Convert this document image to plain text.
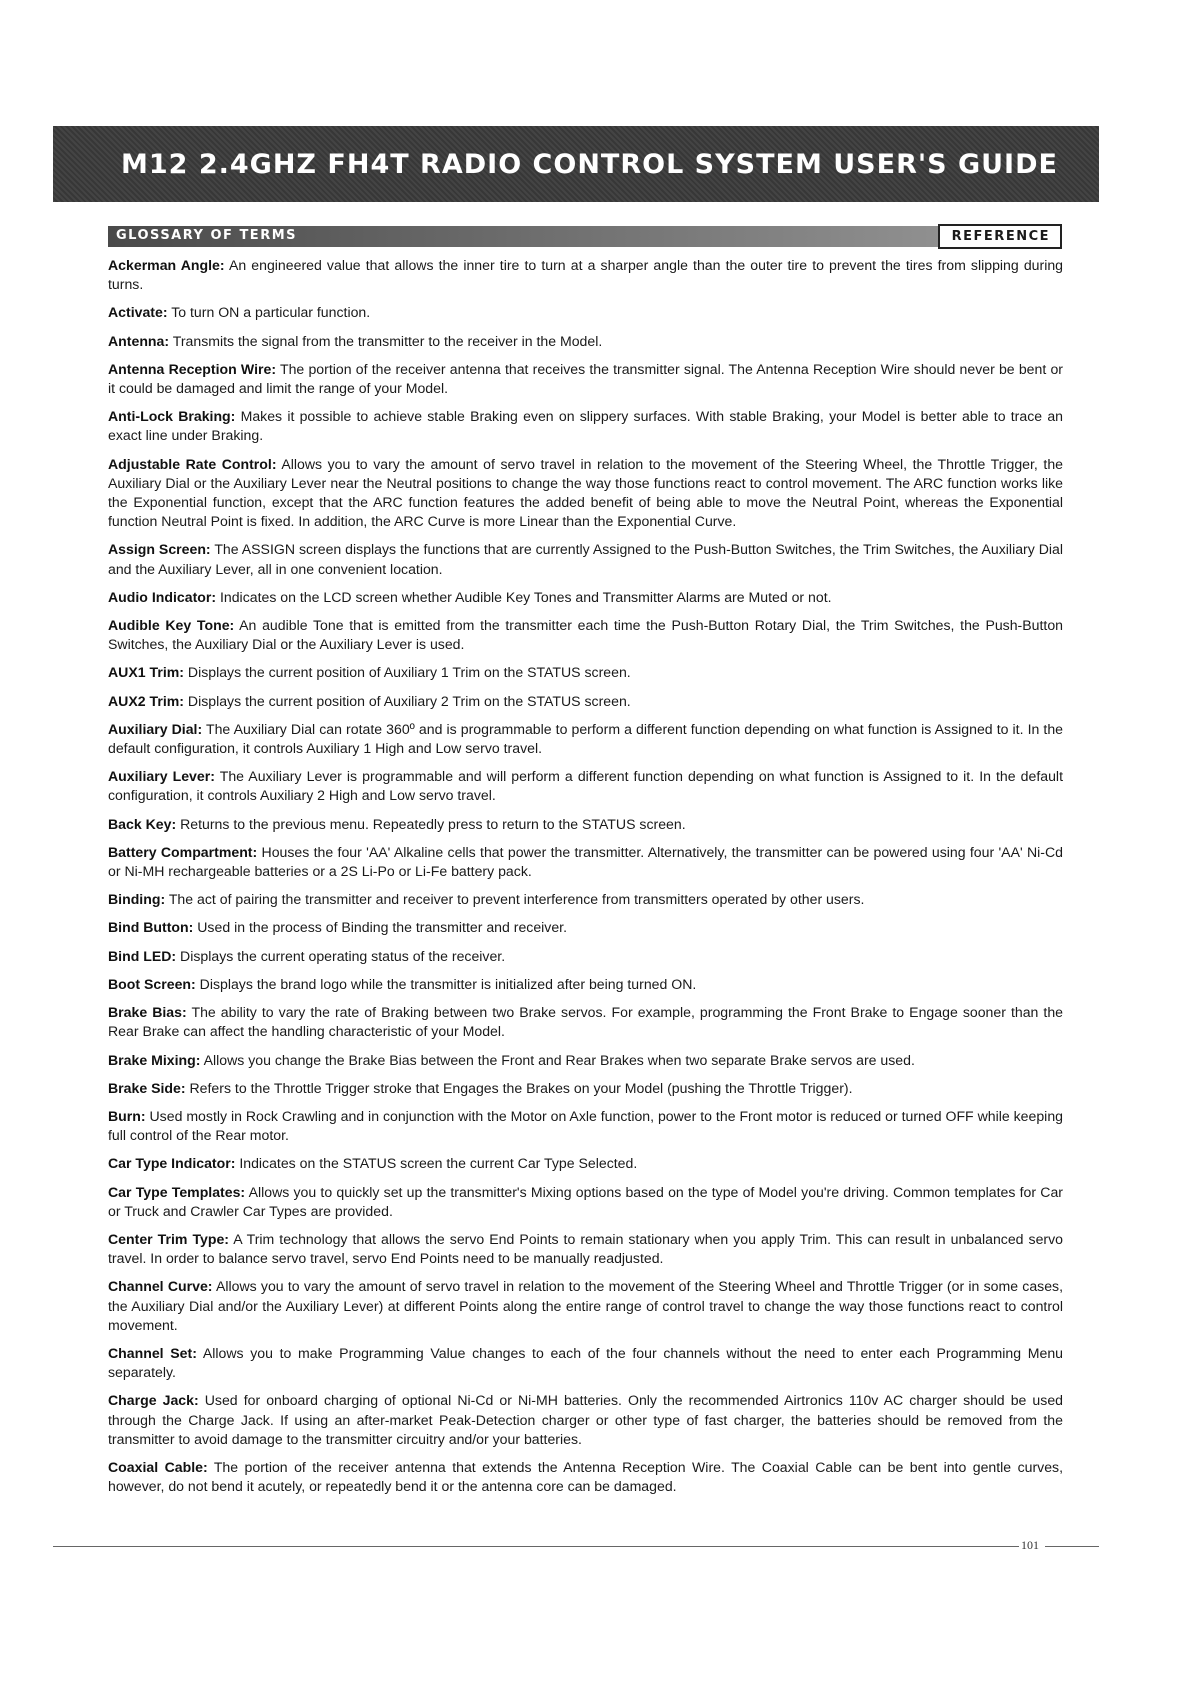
M12 2.4GHZ FH4T RADIO CONTROL SYSTEM USER'S GUIDE
GLOSSARY OF TERMS	REFERENCE

Ackerman Angle: An engineered value that allows the inner tire to turn at a sharper angle than the outer tire to prevent the tires from slipping during turns.

Activate: To turn ON a particular function.

Antenna: Transmits the signal from the transmitter to the receiver in the Model.

Antenna Reception Wire: The portion of the receiver antenna that receives the transmitter signal. The Antenna Reception Wire should never be bent or it could be damaged and limit the range of your Model.

Anti-Lock Braking: Makes it possible to achieve stable Braking even on slippery surfaces. With stable Braking, your Model is better able to trace an exact line under Braking.

Adjustable Rate Control: Allows you to vary the amount of servo travel in relation to the movement of the Steering Wheel, the Throttle Trigger, the Auxiliary Dial or the Auxiliary Lever near the Neutral positions to change the way those functions react to control movement. The ARC function works like the Exponential function, except that the ARC function features the added benefit of being able to move the Neutral Point, whereas the Exponential function Neutral Point is fixed. In addition, the ARC Curve is more Linear than the Exponential Curve.

Assign Screen: The ASSIGN screen displays the functions that are currently Assigned to the Push-Button Switches, the Trim Switches, the Auxiliary Dial and the Auxiliary Lever, all in one convenient location.

Audio Indicator: Indicates on the LCD screen whether Audible Key Tones and Transmitter Alarms are Muted or not.

Audible Key Tone: An audible Tone that is emitted from the transmitter each time the Push-Button Rotary Dial, the Trim Switches, the Push-Button Switches, the Auxiliary Dial or the Auxiliary Lever is used.

AUX1 Trim: Displays the current position of Auxiliary 1 Trim on the STATUS screen.

AUX2 Trim: Displays the current position of Auxiliary 2 Trim on the STATUS screen.

Auxiliary Dial: The Auxiliary Dial can rotate 360º and is programmable to perform a different function depending on what function is Assigned to it. In the default configuration, it controls Auxiliary 1 High and Low servo travel.

Auxiliary Lever: The Auxiliary Lever is programmable and will perform a different function depending on what function is Assigned to it. In the default configuration, it controls Auxiliary 2 High and Low servo travel.

Back Key: Returns to the previous menu. Repeatedly press to return to the STATUS screen.

Battery Compartment: Houses the four 'AA' Alkaline cells that power the transmitter. Alternatively, the transmitter can be powered using four 'AA' Ni-Cd or Ni-MH rechargeable batteries or a 2S Li-Po or Li-Fe battery pack.

Binding: The act of pairing the transmitter and receiver to prevent interference from transmitters operated by other users.

Bind Button: Used in the process of Binding the transmitter and receiver.

Bind LED: Displays the current operating status of the receiver.

Boot Screen: Displays the brand logo while the transmitter is initialized after being turned ON.

Brake Bias: The ability to vary the rate of Braking between two Brake servos. For example, programming the Front Brake to Engage sooner than the Rear Brake can affect the handling characteristic of your Model.

Brake Mixing: Allows you change the Brake Bias between the Front and Rear Brakes when two separate Brake servos are used.

Brake Side: Refers to the Throttle Trigger stroke that Engages the Brakes on your Model (pushing the Throttle Trigger).

Burn: Used mostly in Rock Crawling and in conjunction with the Motor on Axle function, power to the Front motor is reduced or turned OFF while keeping full control of the Rear motor.

Car Type Indicator: Indicates on the STATUS screen the current Car Type Selected.

Car Type Templates: Allows you to quickly set up the transmitter's Mixing options based on the type of Model you're driving. Common templates for Car or Truck and Crawler Car Types are provided.

Center Trim Type: A Trim technology that allows the servo End Points to remain stationary when you apply Trim. This can result in unbalanced servo travel. In order to balance servo travel, servo End Points need to be manually readjusted.

Channel Curve: Allows you to vary the amount of servo travel in relation to the movement of the Steering Wheel and Throttle Trigger (or in some cases, the Auxiliary Dial and/or the Auxiliary Lever) at different Points along the entire range of control travel to change the way those functions react to control movement.

Channel Set: Allows you to make Programming Value changes to each of the four channels without the need to enter each Programming Menu separately.

Charge Jack: Used for onboard charging of optional Ni-Cd or Ni-MH batteries. Only the recommended Airtronics 110v AC charger should be used through the Charge Jack. If using an after-market Peak-Detection charger or other type of fast charger, the batteries should be removed from the transmitter to avoid damage to the transmitter circuitry and/or your batteries.

Coaxial Cable: The portion of the receiver antenna that extends the Antenna Reception Wire. The Coaxial Cable can be bent into gentle curves, however, do not bend it acutely, or repeatedly bend it or the antenna core can be damaged.

101
